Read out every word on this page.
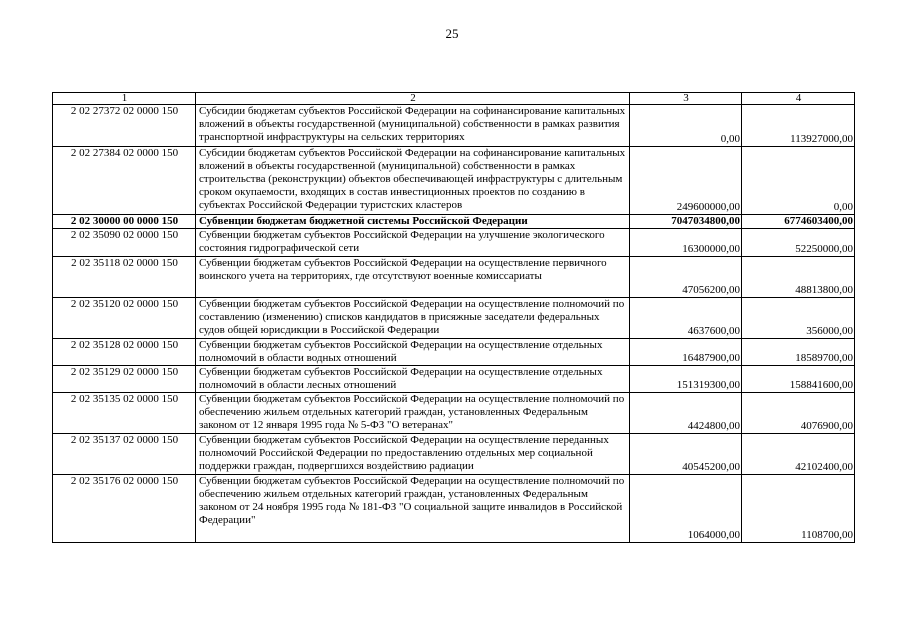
25
1	2	3	4
2 02 27372 02 0000 150	Субсидии бюджетам субъектов Российской Федерации на софинансирование капитальных вложений в объекты государственной (муниципальной) собственности в рамках развития транспортной инфраструктуры на сельских территориях	0,00	113927000,00
2 02 27384 02 0000 150	Субсидии бюджетам субъектов Российской Федерации на софинансирование капитальных вложений в объекты государственной (муниципальной) собственности в рамках строительства (реконструкции) объектов обеспечивающей инфраструктуры с длительным сроком окупаемости, входящих в состав инвестиционных проектов по созданию в субъектах Российской Федерации туристских кластеров	249600000,00	0,00
2 02 30000 00 0000 150	Субвенции бюджетам бюджетной системы Российской Федерации	7047034800,00	6774603400,00
2 02 35090 02 0000 150	Субвенции бюджетам субъектов Российской Федерации на улучшение экологического состояния гидрографической сети	16300000,00	52250000,00
2 02 35118 02 0000 150	Субвенции бюджетам субъектов Российской Федерации на осуществление первичного воинского учета на территориях, где отсутствуют военные комиссариаты	47056200,00	48813800,00
2 02 35120 02 0000 150	Субвенции бюджетам субъектов Российской Федерации на осуществление полномочий по составлению (изменению) списков кандидатов в присяжные заседатели федеральных судов общей юрисдикции в Российской Федерации	4637600,00	356000,00
2 02 35128 02 0000 150	Субвенции бюджетам субъектов Российской Федерации на осуществление отдельных полномочий в области водных отношений	16487900,00	18589700,00
2 02 35129 02 0000 150	Субвенции бюджетам субъектов Российской Федерации на осуществление отдельных полномочий в области лесных отношений	151319300,00	158841600,00
2 02 35135 02 0000 150	Субвенции бюджетам субъектов Российской Федерации на осуществление полномочий по обеспечению жильем отдельных категорий граждан, установленных Федеральным законом от 12 января 1995 года № 5-ФЗ "О ветеранах"	4424800,00	4076900,00
2 02 35137 02 0000 150	Субвенции бюджетам субъектов Российской Федерации на осуществление переданных полномочий Российской Федерации по предоставлению отдельных мер социальной поддержки граждан, подвергшихся воздействию радиации	40545200,00	42102400,00
2 02 35176 02 0000 150	Субвенции бюджетам субъектов Российской Федерации на осуществление полномочий по обеспечению жильем отдельных категорий граждан, установленных Федеральным законом от 24 ноября 1995 года № 181-ФЗ "О социальной защите инвалидов в Российской Федерации"	1064000,00	1108700,00
